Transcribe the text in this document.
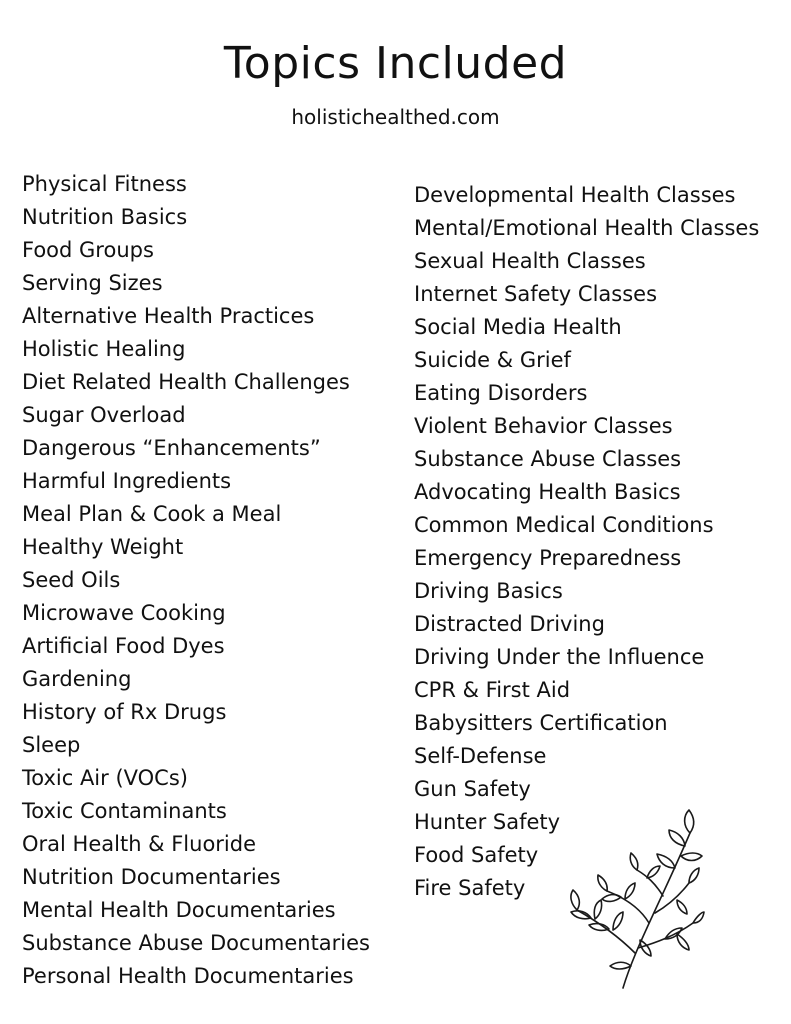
Topics Included
holistichealthed.com
Physical Fitness
Nutrition Basics
Food Groups
Serving Sizes
Alternative Health Practices
Holistic Healing
Diet Related Health Challenges
Sugar Overload
Dangerous “Enhancements”
Harmful Ingredients
Meal Plan & Cook a Meal
Healthy Weight
Seed Oils
Microwave Cooking
Artificial Food Dyes
Gardening
History of Rx Drugs
Sleep
Toxic Air (VOCs)
Toxic Contaminants
Oral Health & Fluoride
Nutrition Documentaries
Mental Health Documentaries
Substance Abuse Documentaries
Personal Health Documentaries
Developmental Health Classes
Mental/Emotional Health Classes
Sexual Health Classes
Internet Safety Classes
Social Media Health
Suicide & Grief
Eating Disorders
Violent Behavior Classes
Substance Abuse Classes
Advocating Health Basics
Common Medical Conditions
Emergency Preparedness
Driving Basics
Distracted Driving
Driving Under the Influence
CPR & First Aid
Babysitters Certification
Self-Defense
Gun Safety
Hunter Safety
Food Safety
Fire Safety
